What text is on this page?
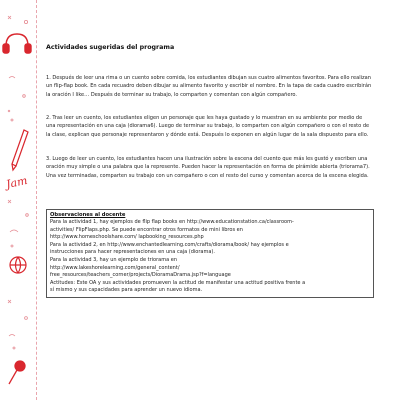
Jam
Actividades sugeridas del programa

1. Después de leer una rima o un cuento sobre comida, los estudiantes dibujan sus cuatro alimentos favoritos. Para ello realizan un flip-flap book. En cada recuadro deben dibujar su alimento favorito y escribir el nombre. En la tapa de cada cuadro escribirán la oración I like… Después de terminar su trabajo, lo comparten y comentan con algún compañero.

2. Tras leer un cuento, los estudiantes eligen un personaje que les haya gustado y lo muestran en su ambiente por medio de una representación en una caja (diorama6). Luego de terminar su trabajo, lo comparten con algún compañero o con el resto de la clase, explican que personaje representaron y dónde está. Después lo exponen en algún lugar de la sala dispuesto para ello.

3. Luego de leer un cuento, los estudiantes hacen una ilustración sobre la escena del cuento que más les gustó y escriben una oración muy simple o una palabra que la represente. Pueden hacer la representación en forma de pirámide abierta (triorama7). Una vez terminadas, comparten su trabajo con un compañero o con el resto del curso y comentan acerca de la escena elegida.

Observaciones al docente
Para la actividad 1, hay ejemplos de flip flap books en http://www.educationstation.ca/classroom-
activities/ FlipFlaps.php. Se puede encontrar otros formatos de mini libros en
http://www.homeschoolshare.com/ lapbooking_resources.php
Para la actividad 2, en http://www.enchantedlearning.com/crafts/diorama/book/ hay ejemplos e
instrucciones para hacer representaciones en una caja (diorama).
Para la actividad 3, hay un ejemplo de triorama en
http://www.lakeshorelearning.com/general_content/
free_resources/teachers_corner/projects/DioramaDrama.jsp?f=language
Actitudes: Este OA y sus actividades promueven la actitud de manifestar una actitud positiva frente a
sí mismo y sus capacidades para aprender un nuevo idioma.
